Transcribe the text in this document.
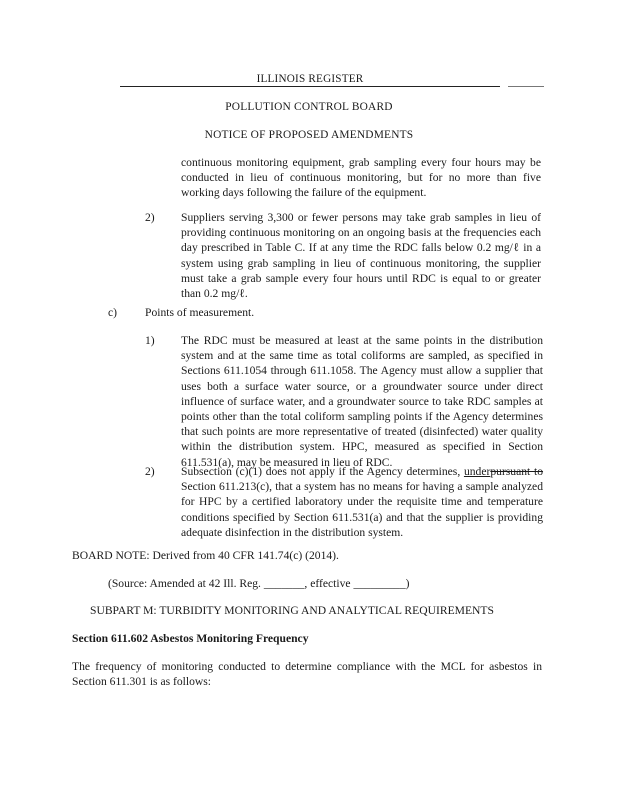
ILLINOIS REGISTER
POLLUTION CONTROL BOARD
NOTICE OF PROPOSED AMENDMENTS
continuous monitoring equipment, grab sampling every four hours may be conducted in lieu of continuous monitoring, but for no more than five working days following the failure of the equipment.
2) Suppliers serving 3,300 or fewer persons may take grab samples in lieu of providing continuous monitoring on an ongoing basis at the frequencies each day prescribed in Table C. If at any time the RDC falls below 0.2 mg/ℓ in a system using grab sampling in lieu of continuous monitoring, the supplier must take a grab sample every four hours until RDC is equal to or greater than 0.2 mg/ℓ.
c) Points of measurement.
1) The RDC must be measured at least at the same points in the distribution system and at the same time as total coliforms are sampled, as specified in Sections 611.1054 through 611.1058. The Agency must allow a supplier that uses both a surface water source, or a groundwater source under direct influence of surface water, and a groundwater source to take RDC samples at points other than the total coliform sampling points if the Agency determines that such points are more representative of treated (disinfected) water quality within the distribution system. HPC, measured as specified in Section 611.531(a), may be measured in lieu of RDC.
2) Subsection (c)(1) does not apply if the Agency determines, underpursuant to Section 611.213(c), that a system has no means for having a sample analyzed for HPC by a certified laboratory under the requisite time and temperature conditions specified by Section 611.531(a) and that the supplier is providing adequate disinfection in the distribution system.
BOARD NOTE: Derived from 40 CFR 141.74(c) (2014).
(Source: Amended at 42 Ill. Reg. _______, effective _________)
SUBPART M: TURBIDITY MONITORING AND ANALYTICAL REQUIREMENTS
Section 611.602 Asbestos Monitoring Frequency
The frequency of monitoring conducted to determine compliance with the MCL for asbestos in Section 611.301 is as follows:
